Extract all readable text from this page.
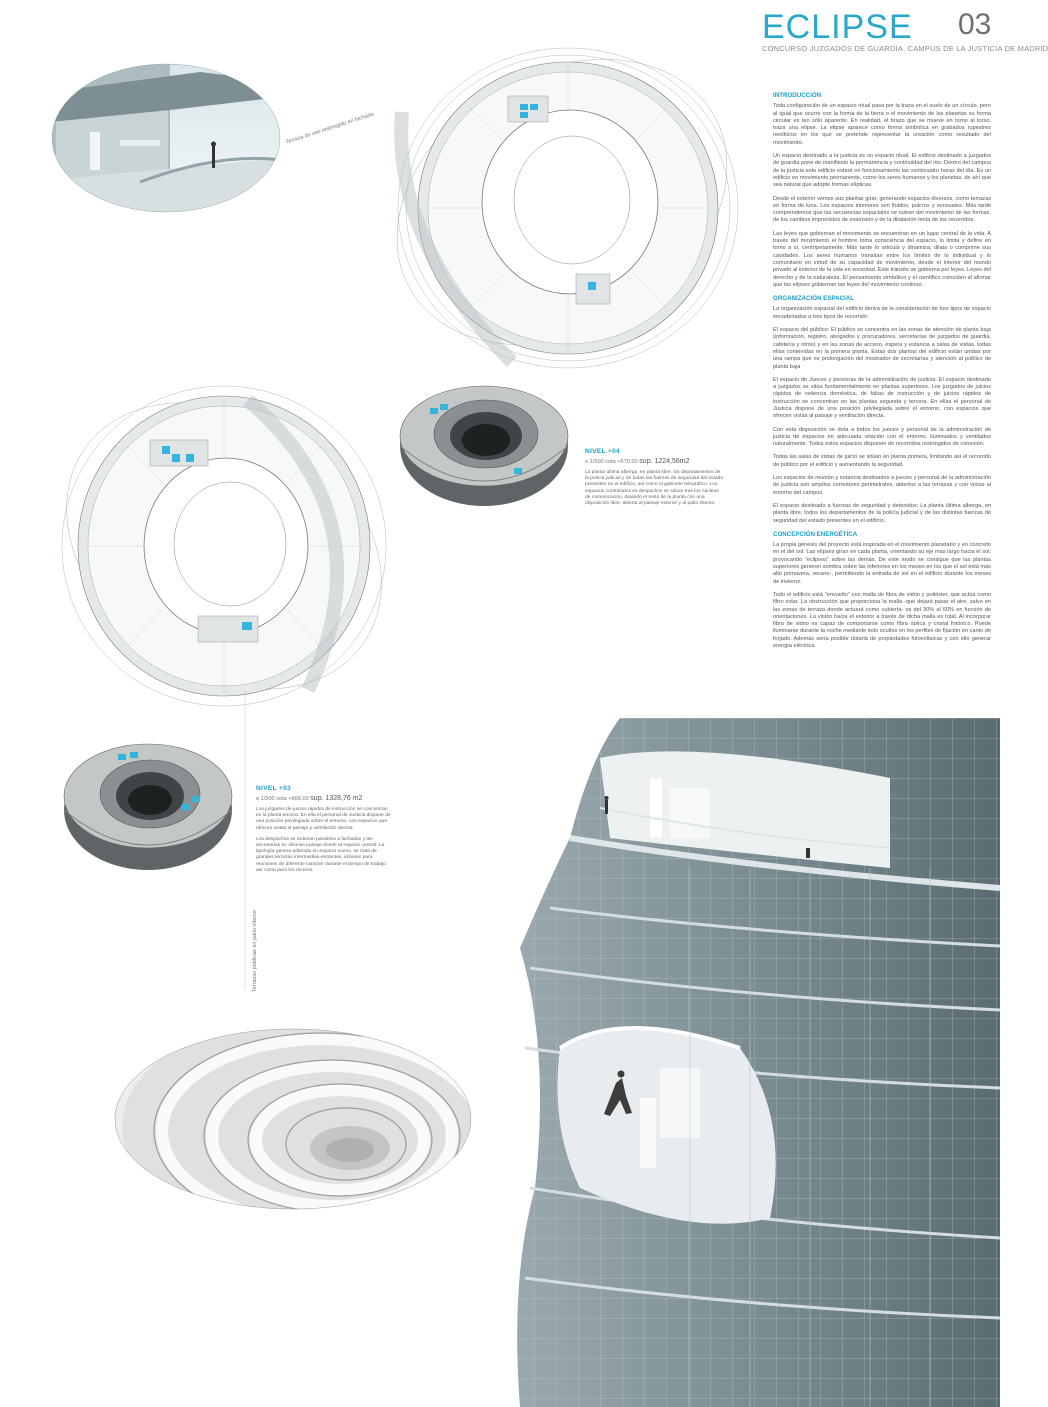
ECLIPSE 03
CONCURSO JUZGADOS DE GUARDIA. CAMPUS DE LA JUSTICIA DE MADRID
INTRODUCCIÓN

Toda configuración de un espacio ritual pasa por la traza en el suelo de un círculo, pero al igual que ocurre con la forma de la tierra o el movimiento de los planetas su forma circular es tan sólo aparente. En realidad, el brazo que se mueve en torno al torso, traza una elipse. La elipse aparece como forma simbólica en grabados rupestres neolíticos en los que se pretende representar la creación como resultado del movimiento.

Un espacio destinado a la justicia es un espacio ritual. El edificio destinado a juzgados de guardia pone de manifiesto la permanencia y continuidad del rito. Dentro del campus de la justicia este edificio estará en funcionamiento las veinticuatro horas del día. Es un edificio en movimiento permanente, como los seres humanos y los planetas, de ahí que sea natural que adopte formas elípticas.

Desde el exterior vemos sus plantas girar, generando espacios diversos, como terrazas en forma de luna. Los espacios interiores son fluidos, pulcros y sensuales. Más tarde comprendemos que las secuencias espaciales se nutren del movimiento de las formas, de los cambios imprevistos de extensión y de la dilatación lenta de los recorridos.

Las leyes que gobiernan el movimiento se encuentran en un lugar central de la vida. A través del movimiento el hombre toma consciencia del espacio, lo limita y define en torno a sí, centrípetamente. Más tarde lo articula y dinamiza, dilata o comprime sus cavidades. Los seres humanos transitan entre los límites de lo individual y lo comunitario en virtud de su capacidad de movimiento, desde el interior del mundo privado al exterior de la vida en sociedad. Este tránsito se gobierna por leyes. Leyes del derecho y de la naturaleza. El pensamiento simbólico y el científico coinciden al afirmar que las elipses gobiernan las leyes del movimiento continuo.

ORGANIZACIÓN ESPACIAL

La organización espacial del edificio deriva de la consideración de tres tipos de espacio encadenados a tres tipos de recorrido:

El espacio del público: El público se concentra en las zonas de atención de planta baja (información, registro, abogados y procuradores, secretarías de juzgados de guardia, cafetería y otros) y en las zonas de acceso, espera y estancia a salas de vistas, todas ellas contenidas en la primera planta. Estas dos plantas del edificio están unidas por una rampa que es prolongación del mostrador de secretarías y atención al público de planta baja

El espacio de Jueces y personas de la administración de justicia: El espacio destinado a juzgados se sitúa fundamentalmente en plantas superiores. Los juzgados de juicios rápidos de violencia doméstica, de faltas de instrucción y de juicios rápidos de instrucción se concentran en las plantas segunda y tercera. En ellas el personal de Justicia dispone de una posición privilegiada sobre el entorno, con espacios que ofrecen vistas al paisaje y ventilación directa.

Con esta disposición se dota a todos los jueces y personal de la administración de justicia de espacios en adecuada relación con el entorno, iluminados y ventilados naturalmente. Todos estos espacios disponen de recorridos restringidos de conexión.

Todas las salas de vistas de juicio se sitúan en planta primera, limitando así el recorrido de público por el edificio y aumentando la seguridad.

Los espacios de reunión y estancia destinados a jueces y personal de la administración de justicia son amplios corredores perimetrales, abiertos a las terrazas y con vistas al entorno del campus.

El espacio destinado a fuerzas de seguridad y detenidos: La planta última alberga, en planta libre, todos los departamentos de la policía judicial y de las distintas fuerzas de seguridad del estado presentes en el edificio.

CONCEPCIÓN ENERGÉTICA

La propia génesis del proyecto está inspirada en el movimiento planetario y en concreto en el del sol. Las elipses giran en cada planta, orientando su eje más largo hacia el sol, provocando "eclipses" sobre las demás. De este modo se consigue que las plantas superiores generen sombra sobre las inferiores en los meses en los que el sol está más alto primavera, verano-, permitiendo la entrada de sol en el edificio durante los meses de invierno.

Todo el edificio está "envuelto" con malla de fibra de vidrio y poliéster, que actúa como filtro solar. La obstrucción que proporciona la malla -que dejará pasar el aire, salvo en las zonas de terraza donde actuará como cubierta- va del 30% al 60% en función de orientaciones. La visión hacia el exterior a través de dicha malla es total. Al incorporar fibra de vidrio es capaz de comportarse como fibra óptica y cristal fotónico. Puede iluminarse durante la noche mediante leds ocultos en los perfiles de fijación en canto de forjado. Además sería posible dotarla de propiedades fotovoltaicas y con ello generar energía eléctrica.

Terraza de uso restringido en fachada
NIVEL +04
e.1/500 cota +670,00 sup. 1224,56m2
La planta última alberga, en planta libre, los departamentos de la policía judicial y de todas las fuerzas de seguridad del estado presentes en el edificio, así como el gabinete telegráfico. Los espacios controlados es despachos se sitúan tras los núcleos de comunicación, dejando el resto de la planta con una disposición libre, abierta al paisaje exterior y al patio interior.
NIVEL +03
e.1/500 cota +666,00 sup. 1328,76 m2

Los juzgados de juicios rápidos de instrucción se concentran en la planta tercera. En ella el personal de Justicia dispone de una posición privilegiada sobre el entorno, con espacios que ofrecen vistas al paisaje y ventilación directa.

Los despachos se ordenan paralelos a fachadas y las secretarías en oficinas paisaje donde al espacio central. La tipología genera adtemás en espacio nuevo, se trata de grandes terrazas intermedias-entrantes, idóneas para reuniones de diferente carácter durante el tiempo de trabajo así como para los recreos.

Terrazas públicas en patio interior
